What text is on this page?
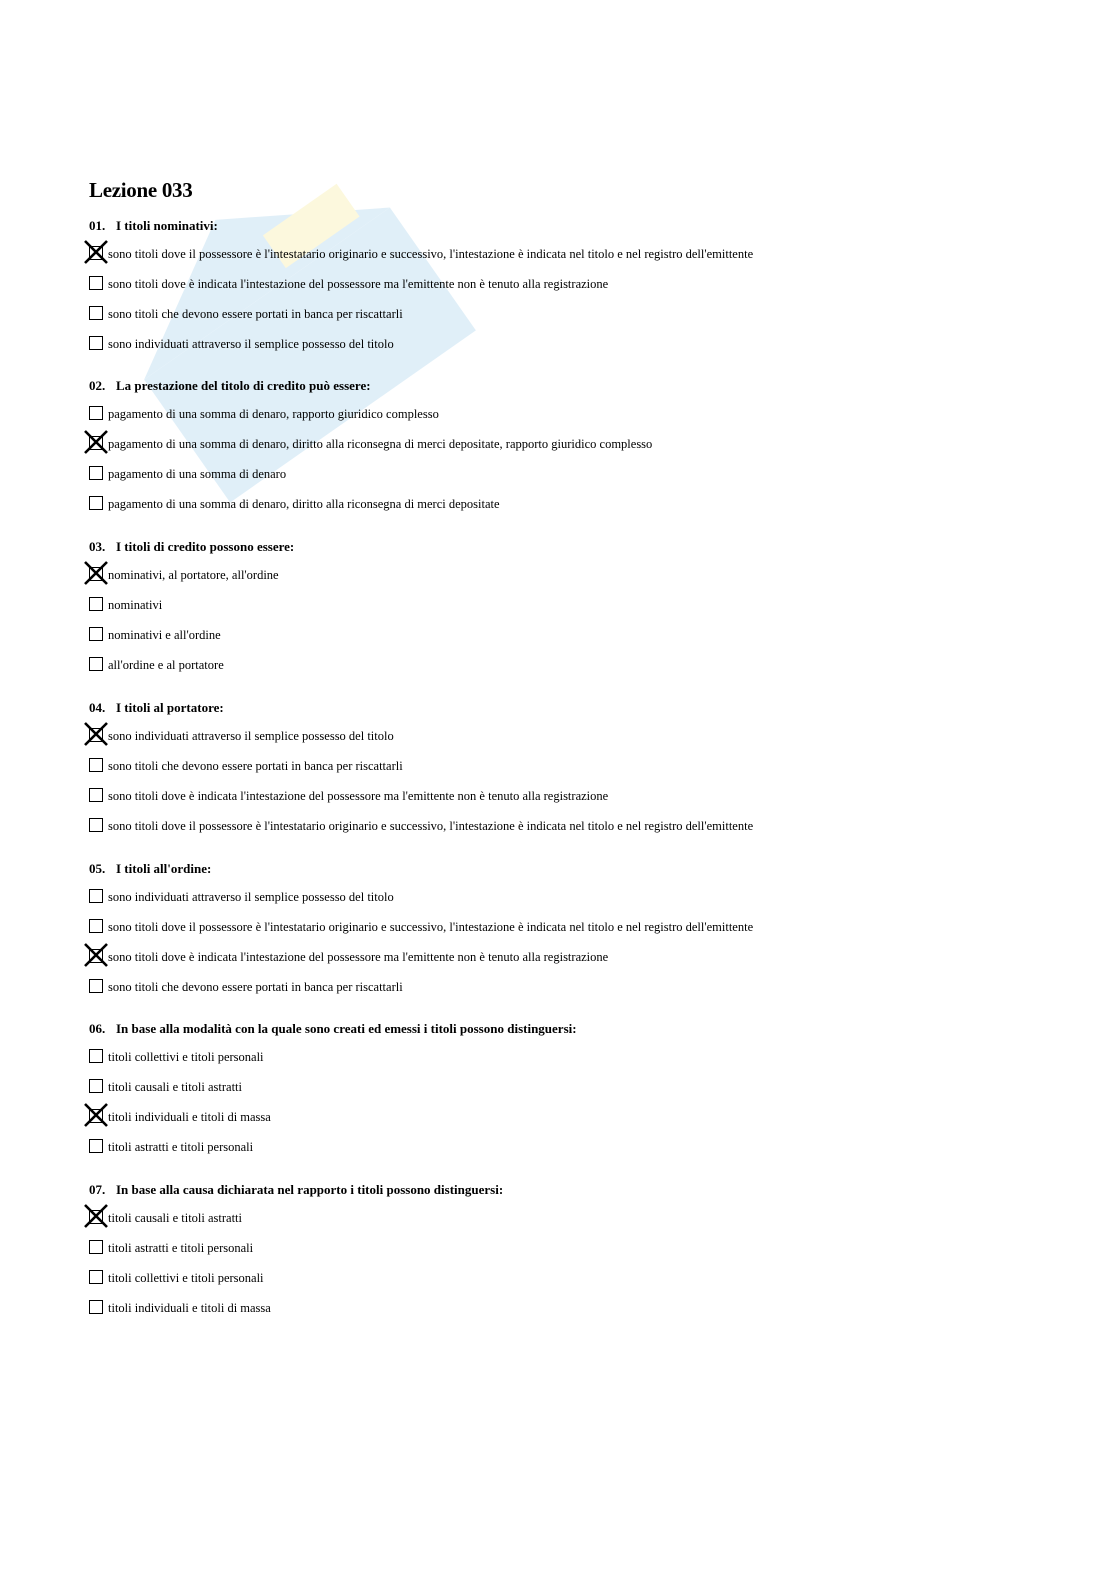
Lezione 033
01. I titoli nominativi:
sono titoli dove il possessore è l'intestatario originario e successivo, l'intestazione è indicata nel titolo e nel registro dell'emittente
sono titoli dove è indicata l'intestazione del possessore ma l'emittente non è tenuto alla registrazione
sono titoli che devono essere portati in banca per riscattarli
sono individuati attraverso il semplice possesso del titolo
02. La prestazione del titolo di credito può essere:
pagamento di una somma di denaro, rapporto giuridico complesso
pagamento di una somma di denaro, diritto alla riconsegna di merci depositate, rapporto giuridico complesso
pagamento di una somma di denaro
pagamento di una somma di denaro, diritto alla riconsegna di merci depositate
03. I titoli di credito possono essere:
nominativi, al portatore, all'ordine
nominativi
nominativi e all'ordine
all'ordine e al portatore
04. I titoli al portatore:
sono individuati attraverso il semplice possesso del titolo
sono titoli che devono essere portati in banca per riscattarli
sono titoli dove è indicata l'intestazione del possessore ma l'emittente non è tenuto alla registrazione
sono titoli dove il possessore è l'intestatario originario e successivo, l'intestazione è indicata nel titolo e nel registro dell'emittente
05. I titoli all'ordine:
sono individuati attraverso il semplice possesso del titolo
sono titoli dove il possessore è l'intestatario originario e successivo, l'intestazione è indicata nel titolo e nel registro dell'emittente
sono titoli dove è indicata l'intestazione del possessore ma l'emittente non è tenuto alla registrazione
sono titoli che devono essere portati in banca per riscattarli
06. In base alla modalità con la quale sono creati ed emessi i titoli possono distinguersi:
titoli collettivi e titoli personali
titoli causali e titoli astratti
titoli individuali e titoli di massa
titoli astratti e titoli personali
07. In base alla causa dichiarata nel rapporto i titoli possono distinguersi:
titoli causali e titoli astratti
titoli astratti e titoli personali
titoli collettivi e titoli personali
titoli individuali e titoli di massa
